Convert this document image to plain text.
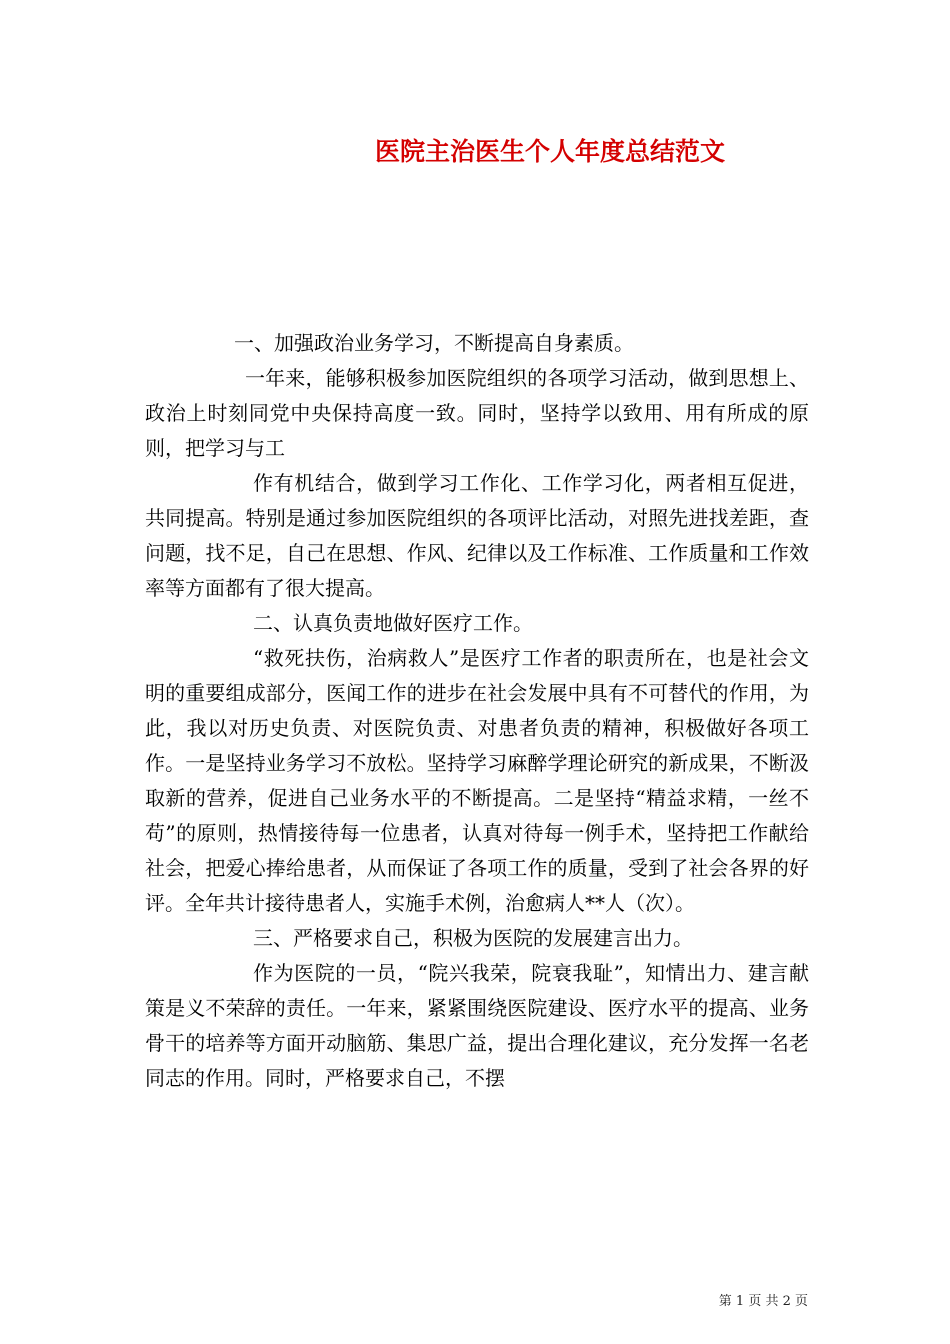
医院主治医生个人年度总结范文

一、加强政治业务学习，不断提高自身素质。

一年来，能够积极参加医院组织的各项学习活动，做到思想上、政治上时刻同党中央保持高度一致。同时，坚持学以致用、用有所成的原则，把学习与工

作有机结合，做到学习工作化、工作学习化，两者相互促进，共同提高。特别是通过参加医院组织的各项评比活动，对照先进找差距，查问题，找不足，自己在思想、作风、纪律以及工作标准、工作质量和工作效率等方面都有了很大提高。

二、认真负责地做好医疗工作。

“救死扶伤，治病救人”是医疗工作者的职责所在，也是社会文明的重要组成部分，医闻工作的进步在社会发展中具有不可替代的作用，为此，我以对历史负责、对医院负责、对患者负责的精神，积极做好各项工作。一是坚持业务学习不放松。坚持学习麻醉学理论研究的新成果，不断汲取新的营养，促进自己业务水平的不断提高。二是坚持“精益求精，一丝不苟”的原则，热情接待每一位患者，认真对待每一例手术，坚持把工作献给社会，把爱心捧给患者，从而保证了各项工作的质量，受到了社会各界的好评。全年共计接待患者人，实施手术例，治愈病人**人（次）。

三、严格要求自己，积极为医院的发展建言出力。

作为医院的一员，“院兴我荣，院衰我耻”，知情出力、建言献策是义不荣辞的责任。一年来，紧紧围绕医院建设、医疗水平的提高、业务骨干的培养等方面开动脑筋、集思广益，提出合理化建议，充分发挥一名老同志的作用。同时，严格要求自己，不摆

第 1 页 共 2 页
